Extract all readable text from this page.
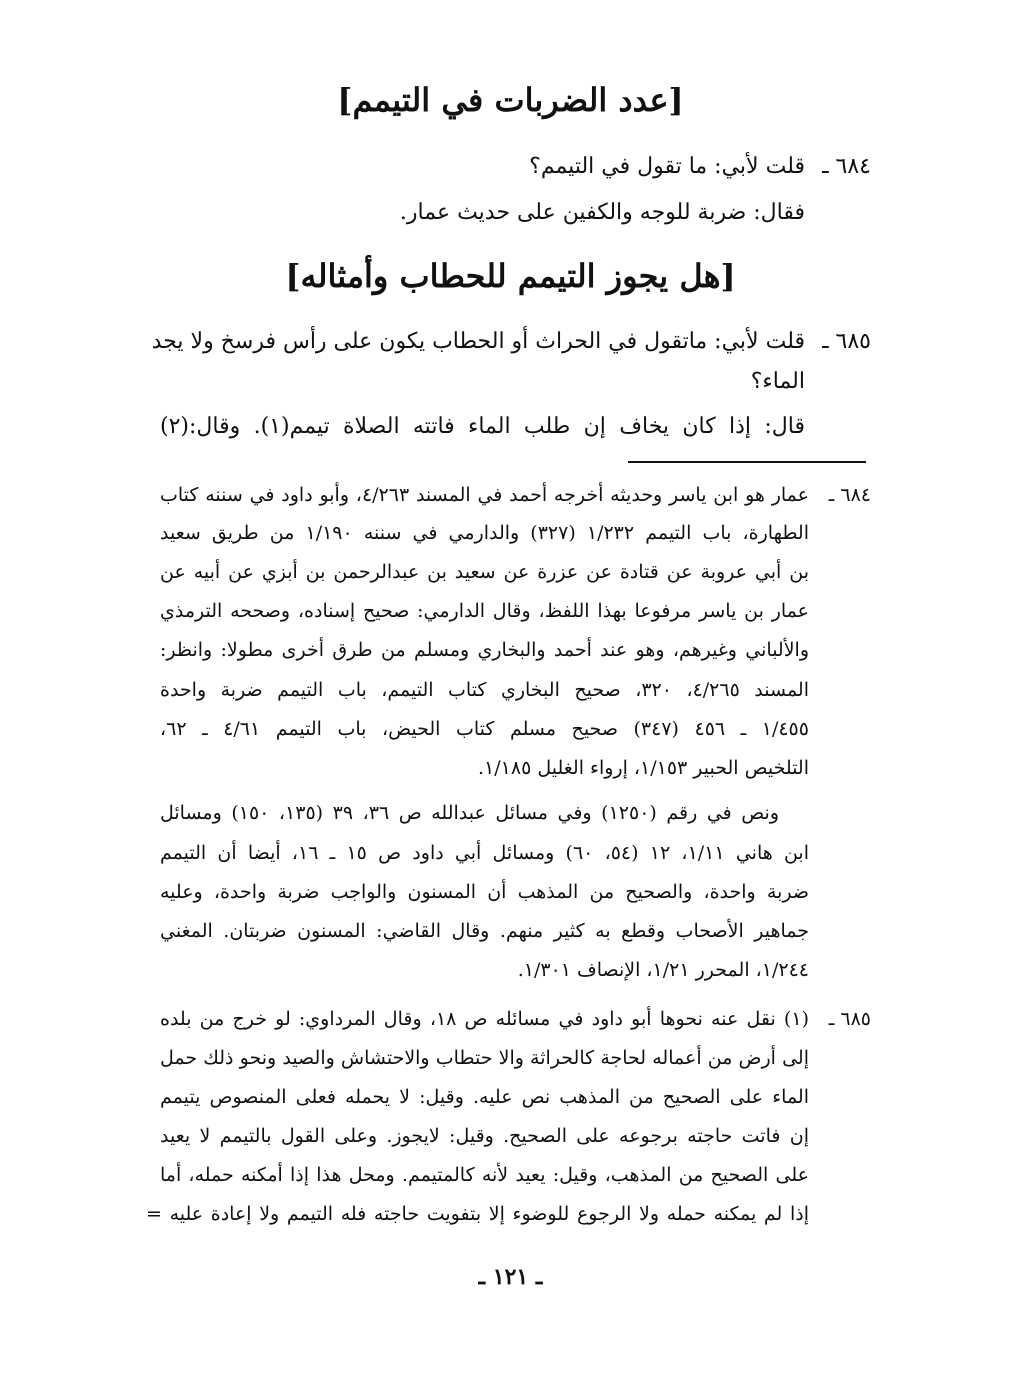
[عدد الضربات في التيمم]
٦٨٤ ـ
قلت لأبي: ما تقول في التيمم؟
فقال: ضربة للوجه والكفين على حديث عمار.
[هل يجوز التيمم للحطاب وأمثاله]
٦٨٥ ـ
قلت لأبي: ماتقول في الحراث أو الحطاب يكون على رأس فرسخ ولا يجد
الماء؟
قال: إذا كان يخاف إن طلب الماء فاتته الصلاة تيمم(١). وقال:(٢)
٦٨٤ ـ
عمار هو ابن ياسر وحديثه أخرجه أحمد في المسند ٤/٢٦٣، وأبو داود في سننه كتاب
الطهارة، باب التيمم ١/٢٣٢ (٣٢٧) والدارمي في سننه ١/١٩٠ من طريق سعيد
بن أبي عروبة عن قتادة عن عزرة عن سعيد بن عبدالرحمن بن أبزي عن أبيه عن
عمار بن ياسر مرفوعا بهذا اللفظ، وقال الدارمي: صحيح إسناده، وصححه الترمذي
والألباني وغيرهم، وهو عند أحمد والبخاري ومسلم من طرق أخرى مطولا: وانظر:
المسند ٤/٢٦٥، ٣٢٠، صحيح البخاري كتاب التيمم، باب التيمم ضربة واحدة
١/٤٥٥ ـ ٤٥٦ (٣٤٧) صحيح مسلم كتاب الحيض، باب التيمم ٤/٦١ ـ ٦٢،
التلخيص الحبير ١/١٥٣، إرواء الغليل ١/١٨٥.
ونص في رقم (١٢٥٠) وفي مسائل عبدالله ص ٣٦، ٣٩ (١٣٥، ١٥٠) ومسائل
ابن هاني ١/١١، ١٢ (٥٤، ٦٠) ومسائل أبي داود ص ١٥ ـ ١٦، أيضا أن التيمم
ضربة واحدة، والصحيح من المذهب أن المسنون والواجب ضربة واحدة، وعليه
جماهير الأصحاب وقطع به كثير منهم. وقال القاضي: المسنون ضربتان. المغني
١/٢٤٤، المحرر ١/٢١، الإنصاف ١/٣٠١.
٦٨٥ ـ
(١) نقل عنه نحوها أبو داود في مسائله ص ١٨، وقال المرداوي: لو خرج من بلده
إلى أرض من أعماله لحاجة كالحراثة والا حتطاب والاحتشاش والصيد ونحو ذلك حمل
الماء على الصحيح من المذهب نص عليه. وقيل: لا يحمله فعلى المنصوص يتيمم
إن فاتت حاجته برجوعه على الصحيح. وقيل: لايجوز. وعلى القول بالتيمم لا يعيد
على الصحيح من المذهب، وقيل: يعيد لأنه كالمتيمم. ومحل هذا إذا أمكنه حمله، أما
إذا لم يمكنه حمله ولا الرجوع للوضوء إلا بتفويت حاجته فله التيمم ولا إعادة عليه =
ـ ١٢١ ـ
